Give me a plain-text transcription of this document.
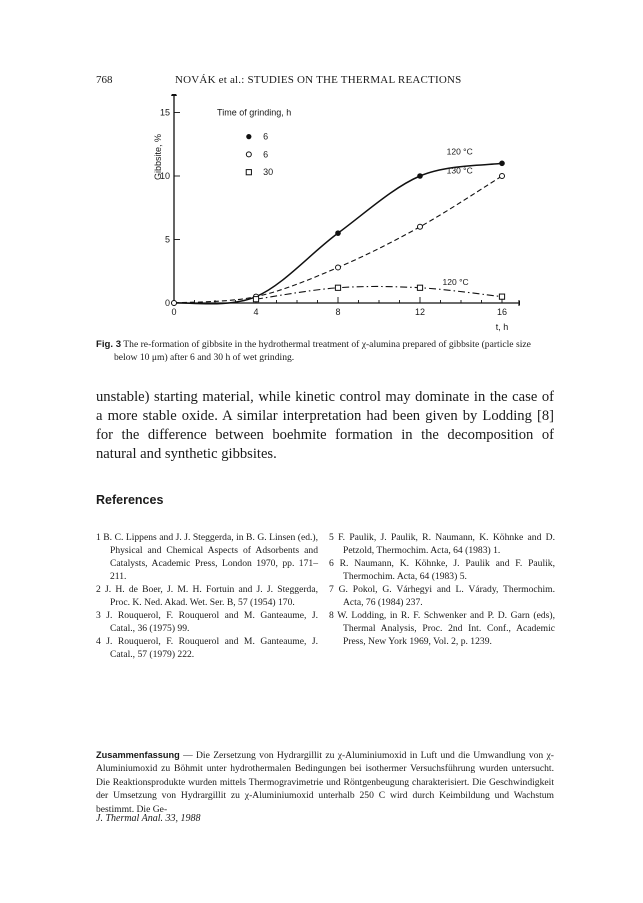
768	NOVÁK et al.: STUDIES ON THE THERMAL REACTIONS
0	4	8	12	16
0
5
10
15
Gibbsite, %
t, h
Time of grinding, h
6
6
30
120 °C
130 °C
120 °C
Fig. 3 The re-formation of gibbsite in the hydrothermal treatment of χ-alumina prepared of gibbsite (particle size below 10 μm) after 6 and 30 h of wet grinding.
unstable) starting material, while kinetic control may dominate in the case of a more stable oxide. A similar interpretation had been given by Lodding [8] for the difference between boehmite formation in the decomposition of natural and synthetic gibbsites.
References

1 B. C. Lippens and J. J. Steggerda, in B. G. Linsen (ed.), Physical and Chemical Aspects of Adsorbents and Catalysts, Academic Press, London 1970, pp. 171–211.

2 J. H. de Boer, J. M. H. Fortuin and J. J. Steggerda, Proc. K. Ned. Akad. Wet. Ser. B, 57 (1954) 170.

3 J. Rouquerol, F. Rouquerol and M. Ganteaume, J. Catal., 36 (1975) 99.

4 J. Rouquerol, F. Rouquerol and M. Ganteaume, J. Catal., 57 (1979) 222.

5 F. Paulik, J. Paulik, R. Naumann, K. Köhnke and D. Petzold, Thermochim. Acta, 64 (1983) 1.

6 R. Naumann, K. Köhnke, J. Paulik and F. Paulik, Thermochim. Acta, 64 (1983) 5.

7 G. Pokol, G. Várhegyi and L. Várady, Thermochim. Acta, 76 (1984) 237.

8 W. Lodding, in R. F. Schwenker and P. D. Garn (eds), Thermal Analysis, Proc. 2nd Int. Conf., Academic Press, New York 1969, Vol. 2, p. 1239.

Zusammenfassung — Die Zersetzung von Hydrargillit zu χ-Aluminiumoxid in Luft und die Umwandlung von χ-Aluminiumoxid zu Böhmit unter hydrothermalen Bedingungen bei isothermer Versuchsführung wurden untersucht. Die Reaktionsprodukte wurden mittels Thermogravimetrie und Röntgenbeugung charakterisiert. Die Geschwindigkeit der Umsetzung von Hydrargillit zu χ-Aluminiumoxid unterhalb 250 C wird durch Keimbildung und Wachstum bestimmt. Die Ge-
J. Thermal Anal. 33, 1988
